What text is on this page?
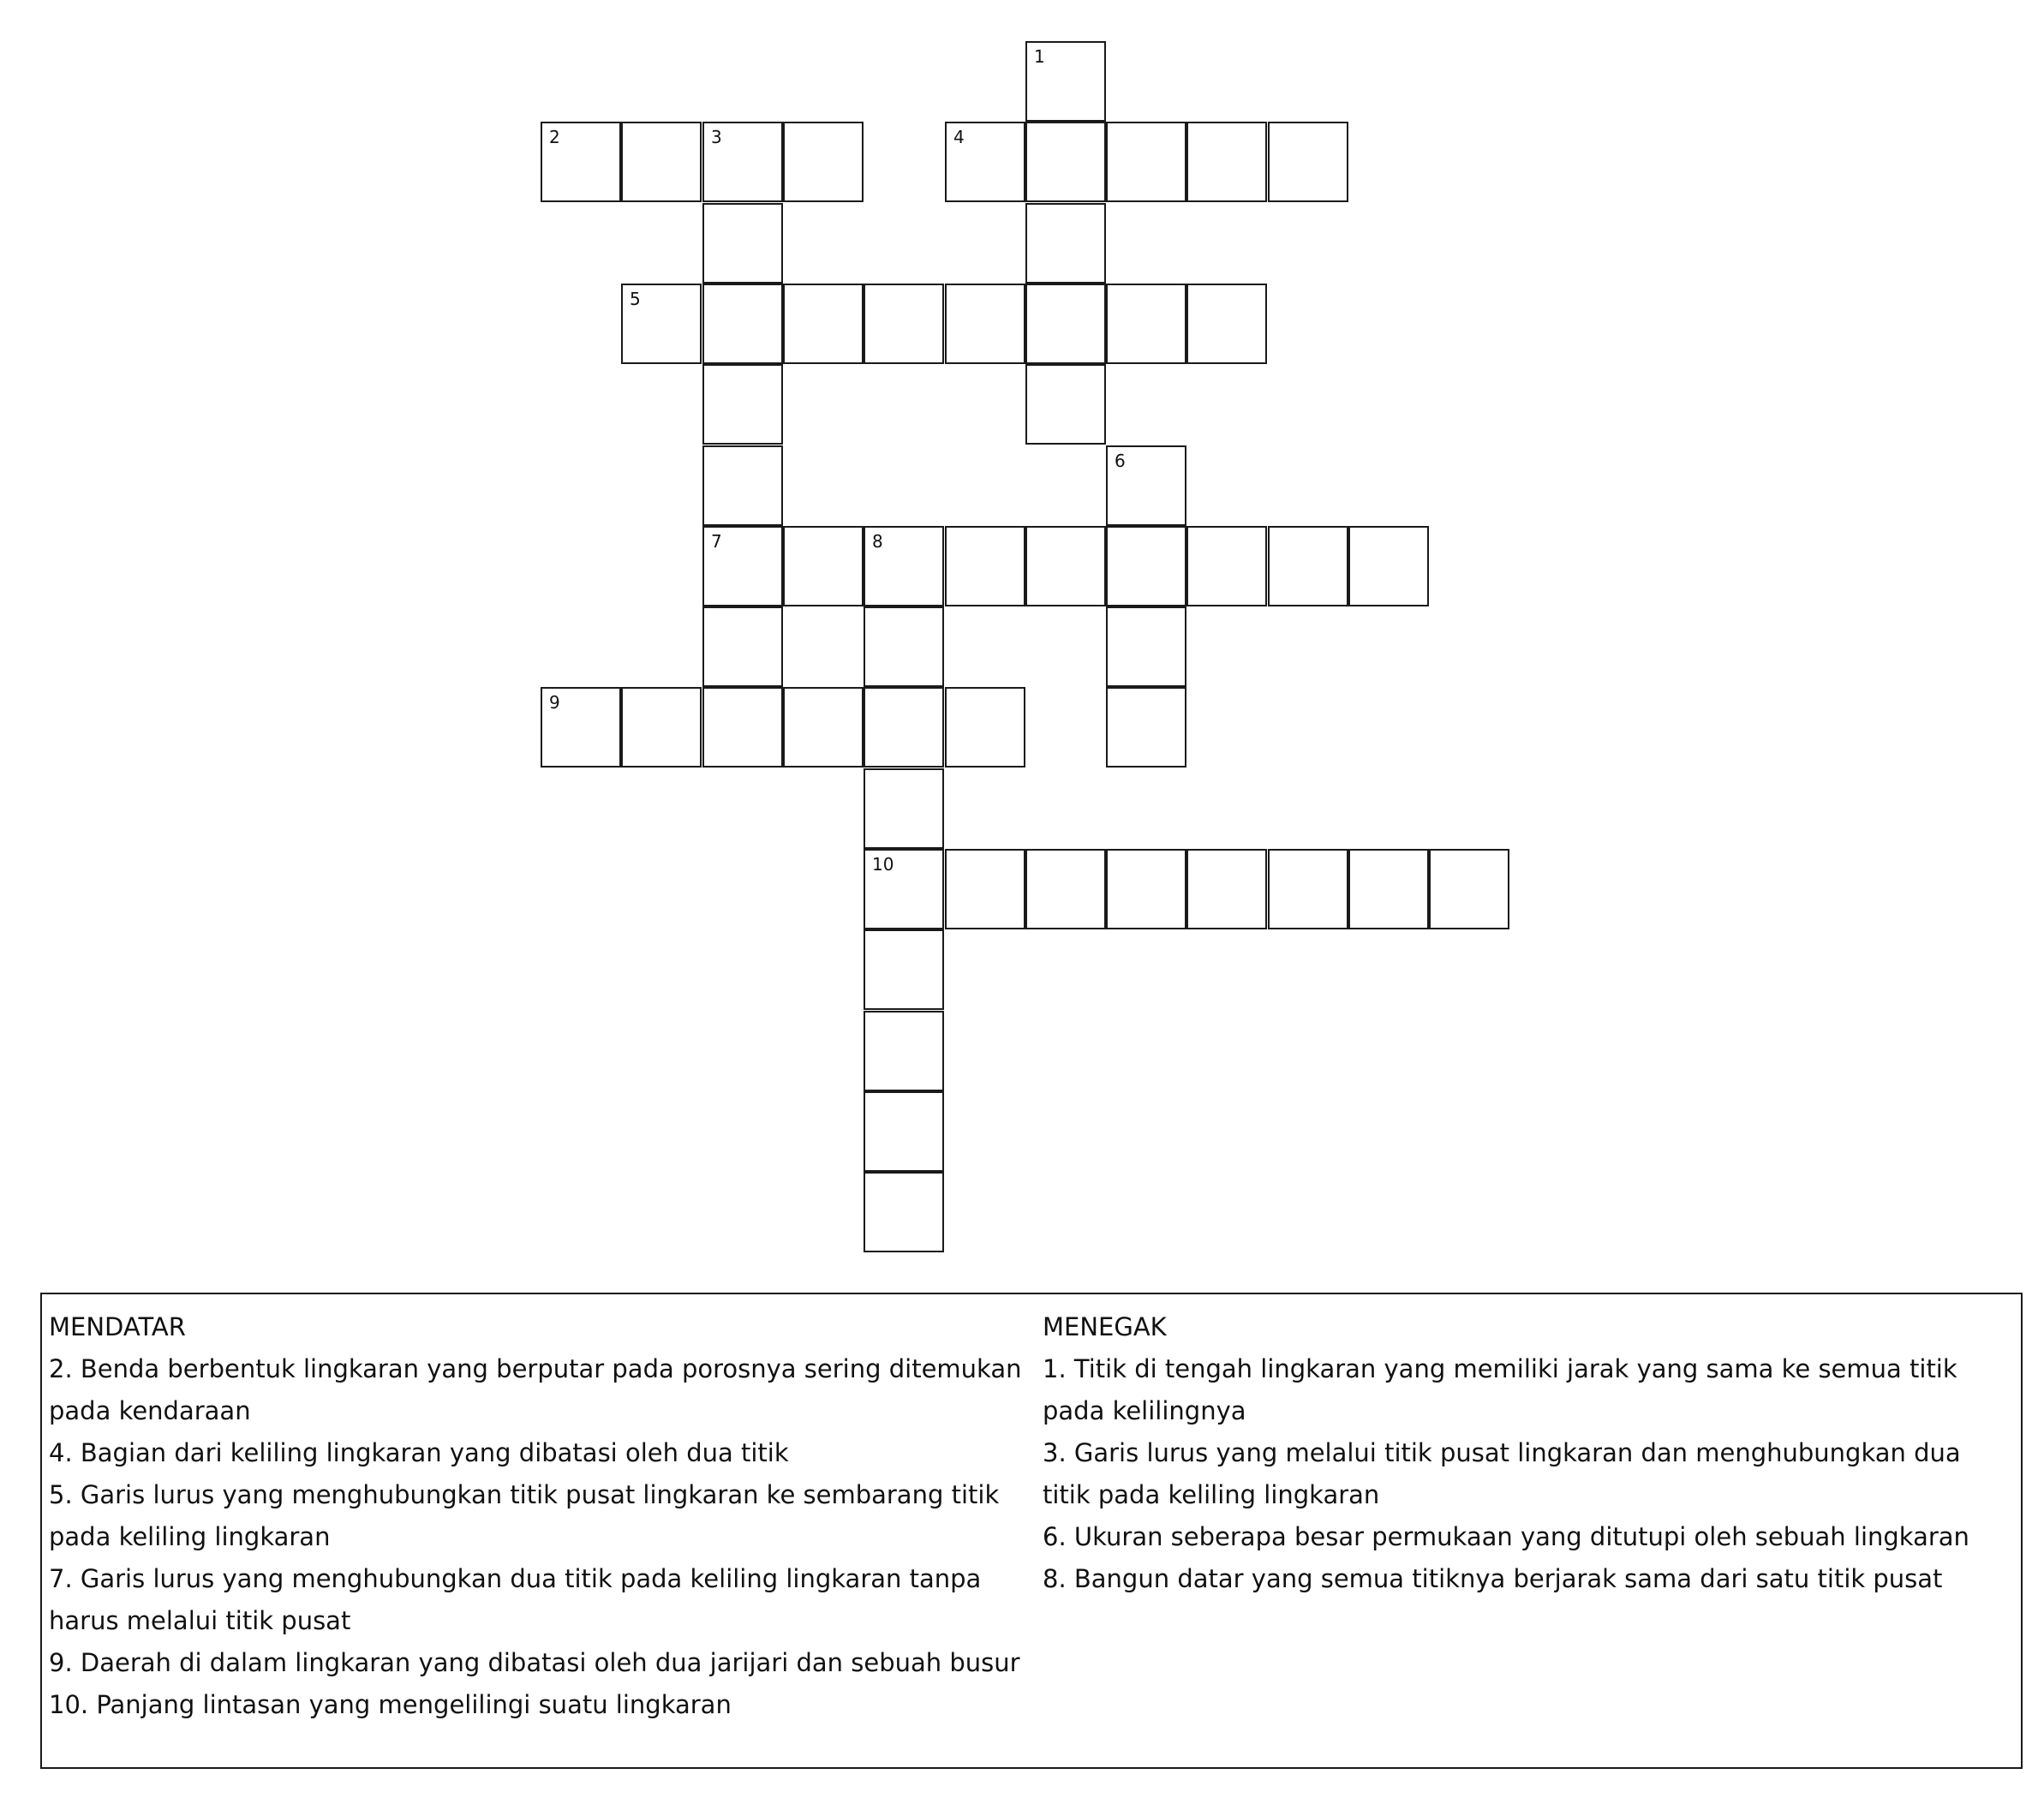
1
2	3	4
5
6
7	8
9
10
MENDATAR
2. Benda berbentuk lingkaran yang berputar pada porosnya sering ditemukan pada kendaraan
4. Bagian dari keliling lingkaran yang dibatasi oleh dua titik
5. Garis lurus yang menghubungkan titik pusat lingkaran ke sembarang titik pada keliling lingkaran
7. Garis lurus yang menghubungkan dua titik pada keliling lingkaran tanpa harus melalui titik pusat
9. Daerah di dalam lingkaran yang dibatasi oleh dua jarijari dan sebuah busur
10. Panjang lintasan yang mengelilingi suatu lingkaran
MENEGAK
1. Titik di tengah lingkaran yang memiliki jarak yang sama ke semua titik pada kelilingnya
3. Garis lurus yang melalui titik pusat lingkaran dan menghubungkan dua titik pada keliling lingkaran
6. Ukuran seberapa besar permukaan yang ditutupi oleh sebuah lingkaran
8. Bangun datar yang semua titiknya berjarak sama dari satu titik pusat
